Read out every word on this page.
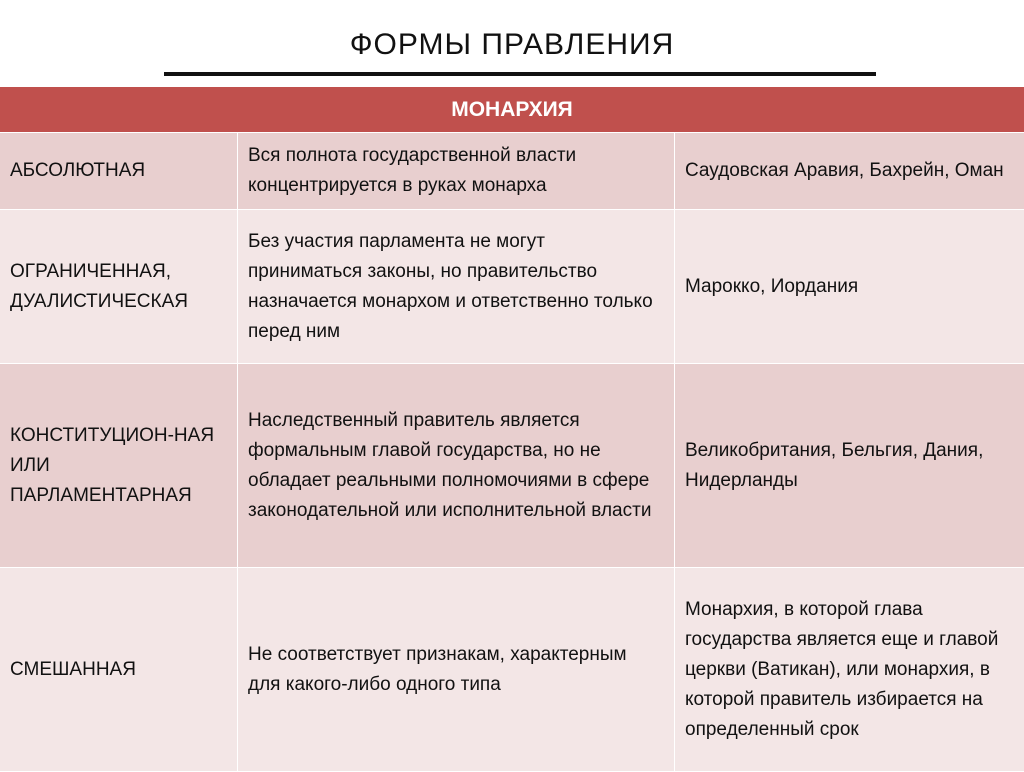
ФОРМЫ ПРАВЛЕНИЯ
МОНАРХИЯ
АБСОЛЮТНАЯ
Вся полнота государственной власти концентрируется в руках монарха
Саудовская Аравия, Бахрейн, Оман
ОГРАНИЧЕННАЯ, ДУАЛИСТИЧЕСКАЯ
Без участия парламента не могут приниматься законы, но правительство назначается монархом и ответственно только перед ним
Марокко, Иордания
КОНСТИТУЦИОН-НАЯ ИЛИ ПАРЛАМЕНТАРНАЯ
Наследственный правитель является формальным главой государства, но не обладает реальными полномочиями в сфере законодательной или исполнительной власти
Великобритания, Бельгия, Дания, Нидерланды
СМЕШАННАЯ
Не соответствует признакам, характерным для какого-либо одного типа
Монархия, в которой глава государства является еще и главой церкви (Ватикан), или монархия, в которой правитель избирается на определенный срок
